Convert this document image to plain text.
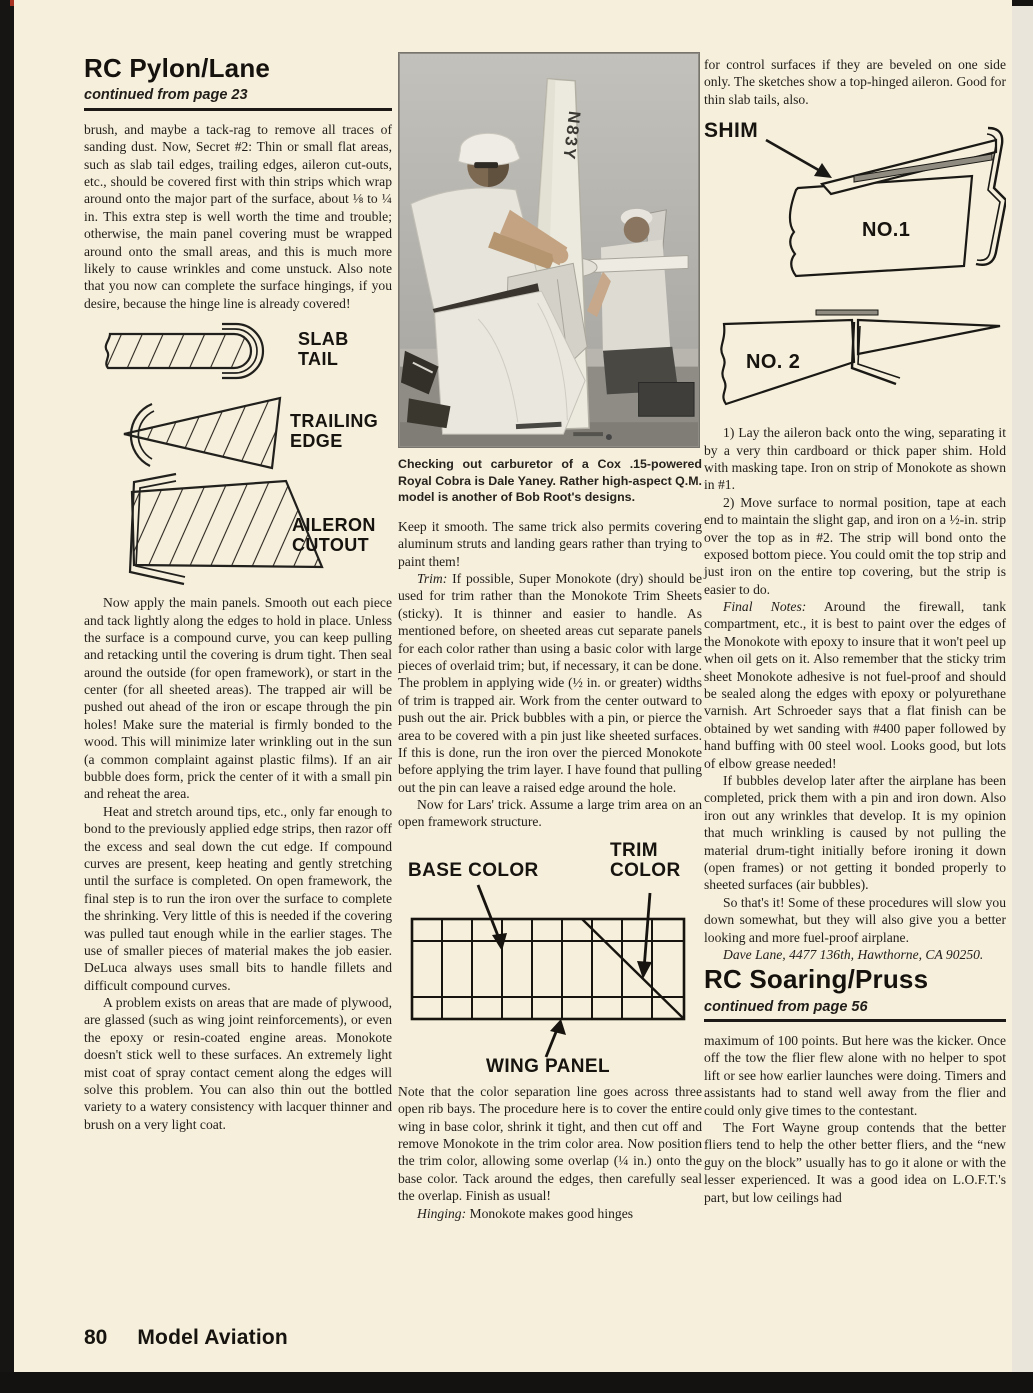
RC Pylon/Lane
continued from page 23

brush, and maybe a tack-rag to remove all traces of sanding dust. Now, Secret #2: Thin or small flat areas, such as slab tail edges, trailing edges, aileron cut-outs, etc., should be covered first with thin strips which wrap around onto the major part of the surface, about ⅛ to ¼ in. This extra step is well worth the time and trouble; otherwise, the main panel covering must be wrapped around onto the small areas, and this is much more likely to cause wrinkles and come unstuck. Also note that you now can complete the surface hingings, if you desire, because the hinge line is already covered!

SLAB TAIL
TRAILING EDGE
AILERON CUTOUT

Now apply the main panels. Smooth out each piece and tack lightly along the edges to hold in place. Unless the surface is a compound curve, you can keep pulling and retacking until the covering is drum tight. Then seal around the outside (for open framework), or start in the center (for all sheeted areas). The trapped air will be pushed out ahead of the iron or escape through the pin holes! Make sure the material is firmly bonded to the wood. This will minimize later wrinkling out in the sun (a common complaint against plastic films). If an air bubble does form, prick the center of it with a small pin and reheat the area.

Heat and stretch around tips, etc., only far enough to bond to the previously applied edge strips, then razor off the excess and seal down the cut edge. If compound curves are present, keep heating and gently stretching until the surface is completed. On open framework, the final step is to run the iron over the surface to complete the shrinking. Very little of this is needed if the covering was pulled taut enough while in the earlier stages. The use of smaller pieces of material makes the job easier. DeLuca always uses small bits to handle fillets and difficult compound curves.

A problem exists on areas that are made of plywood, are glassed (such as wing joint reinforcements), or even the epoxy or resin-coated engine areas. Monokote doesn't stick well to these surfaces. An extremely light mist coat of spray contact cement along the edges will solve this problem. You can also thin out the bottled variety to a watery consistency with lacquer thinner and brush on a very light coat.

N83Y
Checking out carburetor of a Cox .15-powered Royal Cobra is Dale Yaney. Rather high-aspect Q.M. model is another of Bob Root's designs.

Keep it smooth. The same trick also permits covering aluminum struts and landing gears rather than trying to paint them!

Trim: If possible, Super Monokote (dry) should be used for trim rather than the Monokote Trim Sheets (sticky). It is thinner and easier to handle. As mentioned before, on sheeted areas cut separate panels for each color rather than using a basic color with large pieces of overlaid trim; but, if necessary, it can be done. The problem in applying wide (½ in. or greater) widths of trim is trapped air. Work from the center outward to push out the air. Prick bubbles with a pin, or pierce the area to be covered with a pin just like sheeted surfaces. If this is done, run the iron over the pierced Monokote before applying the trim layer. I have found that pulling out the pin can leave a raised edge around the hole.

Now for Lars' trick. Assume a large trim area on an open framework structure.

BASE COLOR
TRIM COLOR
WING PANEL

Note that the color separation line goes across three open rib bays. The procedure here is to cover the entire wing in base color, shrink it tight, and then cut off and remove Monokote in the trim color area. Now position the trim color, allowing some overlap (¼ in.) onto the base color. Tack around the edges, then carefully seal the overlap. Finish as usual!

Hinging: Monokote makes good hinges

for control surfaces if they are beveled on one side only. The sketches show a top-hinged aileron. Good for thin slab tails, also.

SHIM
NO.1
NO. 2

1) Lay the aileron back onto the wing, separating it by a very thin cardboard or thick paper shim. Hold with masking tape. Iron on strip of Monokote as shown in #1.

2) Move surface to normal position, tape at each end to maintain the slight gap, and iron on a ½-in. strip over the top as in #2. The strip will bond onto the exposed bottom piece. You could omit the top strip and just iron on the entire top covering, but the strip is easier to do.

Final Notes: Around the firewall, tank compartment, etc., it is best to paint over the edges of the Monokote with epoxy to insure that it won't peel up when oil gets on it. Also remember that the sticky trim sheet Monokote adhesive is not fuel-proof and should be sealed along the edges with epoxy or polyurethane varnish. Art Schroeder says that a flat finish can be obtained by wet sanding with #400 paper followed by hand buffing with 00 steel wool. Looks good, but lots of elbow grease needed!

If bubbles develop later after the airplane has been completed, prick them with a pin and iron down. Also iron out any wrinkles that develop. It is my opinion that much wrinkling is caused by not pulling the material drum-tight initially before ironing it down (open frames) or not getting it bonded properly to sheeted surfaces (air bubbles).

So that's it! Some of these procedures will slow you down somewhat, but they will also give you a better looking and more fuel-proof airplane.

Dave Lane, 4477 136th, Hawthorne, CA 90250.

RC Soaring/Pruss
continued from page 56

maximum of 100 points. But here was the kicker. Once off the tow the flier flew alone with no helper to spot lift or see how earlier launches were doing. Timers and assistants had to stand well away from the flier and could only give times to the contestant.

The Fort Wayne group contends that the better fliers tend to help the other better fliers, and the “new guy on the block” usually has to go it alone or with the lesser experienced. It was a good idea on L.O.F.T.'s part, but low ceilings had

80 Model Aviation
